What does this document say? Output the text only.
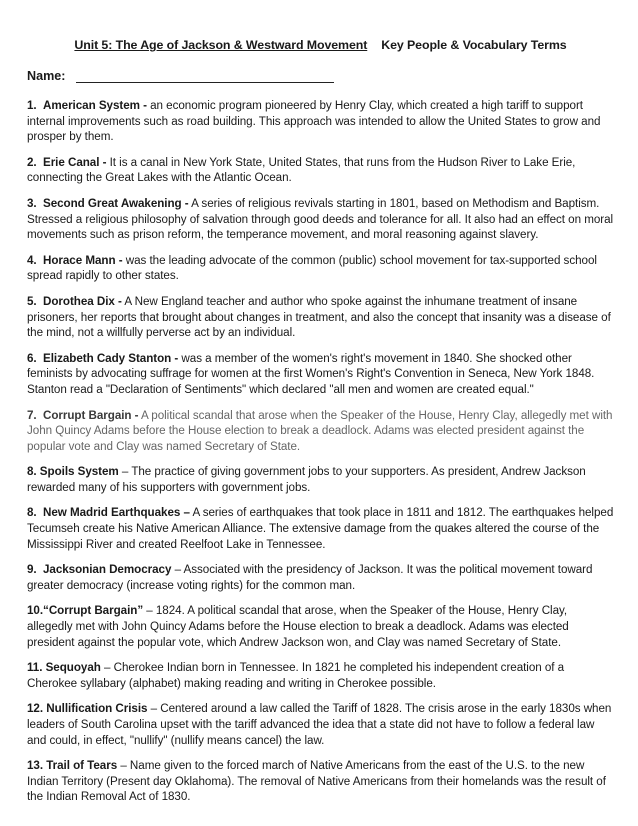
Unit 5: The Age of Jackson & Westward Movement Key People & Vocabulary Terms
Name:
1. American System - an economic program pioneered by Henry Clay, which created a high tariff to support internal improvements such as road building. This approach was intended to allow the United States to grow and prosper by them.
2. Erie Canal - It is a canal in New York State, United States, that runs from the Hudson River to Lake Erie, connecting the Great Lakes with the Atlantic Ocean.
3. Second Great Awakening - A series of religious revivals starting in 1801, based on Methodism and Baptism. Stressed a religious philosophy of salvation through good deeds and tolerance for all. It also had an effect on moral movements such as prison reform, the temperance movement, and moral reasoning against slavery.
4. Horace Mann - was the leading advocate of the common (public) school movement for tax-supported school spread rapidly to other states.
5. Dorothea Dix - A New England teacher and author who spoke against the inhumane treatment of insane prisoners, her reports that brought about changes in treatment, and also the concept that insanity was a disease of the mind, not a willfully perverse act by an individual.
6. Elizabeth Cady Stanton - was a member of the women's right's movement in 1840. She shocked other feminists by advocating suffrage for women at the first Women's Right's Convention in Seneca, New York 1848. Stanton read a "Declaration of Sentiments" which declared "all men and women are created equal."
7. Corrupt Bargain - A political scandal that arose when the Speaker of the House, Henry Clay, allegedly met with John Quincy Adams before the House election to break a deadlock. Adams was elected president against the popular vote and Clay was named Secretary of State.
8. Spoils System – The practice of giving government jobs to your supporters. As president, Andrew Jackson rewarded many of his supporters with government jobs.
8. New Madrid Earthquakes – A series of earthquakes that took place in 1811 and 1812. The earthquakes helped Tecumseh create his Native American Alliance. The extensive damage from the quakes altered the course of the Mississippi River and created Reelfoot Lake in Tennessee.
9. Jacksonian Democracy – Associated with the presidency of Jackson. It was the political movement toward greater democracy (increase voting rights) for the common man.
10.“Corrupt Bargain” – 1824. A political scandal that arose, when the Speaker of the House, Henry Clay, allegedly met with John Quincy Adams before the House election to break a deadlock. Adams was elected president against the popular vote, which Andrew Jackson won, and Clay was named Secretary of State.
11. Sequoyah – Cherokee Indian born in Tennessee. In 1821 he completed his independent creation of a Cherokee syllabary (alphabet) making reading and writing in Cherokee possible.
12. Nullification Crisis – Centered around a law called the Tariff of 1828. The crisis arose in the early 1830s when leaders of South Carolina upset with the tariff advanced the idea that a state did not have to follow a federal law and could, in effect, "nullify" (nullify means cancel) the law.
13. Trail of Tears – Name given to the forced march of Native Americans from the east of the U.S. to the new Indian Territory (Present day Oklahoma). The removal of Native Americans from their homelands was the result of the Indian Removal Act of 1830.
